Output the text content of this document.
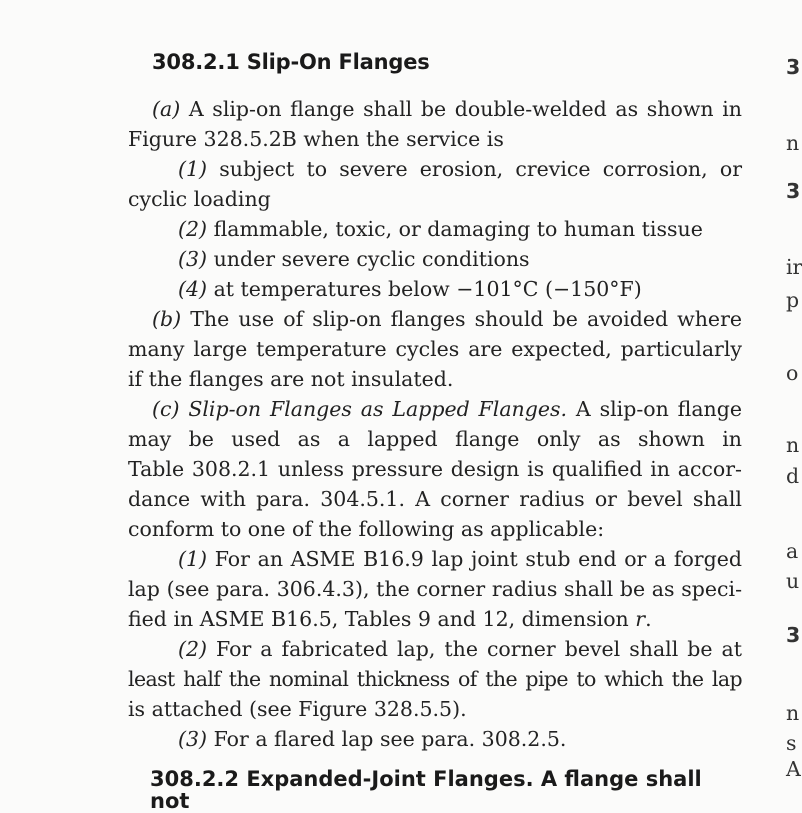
308.2.1 Slip-On Flanges
(a) A slip-on flange shall be double-welded as shown in
Figure 328.5.2B when the service is
(1) subject to severe erosion, crevice corrosion, or
cyclic loading
(2) flammable, toxic, or damaging to human tissue
(3) under severe cyclic conditions
(4) at temperatures below −101°C (−150°F)
(b) The use of slip-on flanges should be avoided where
many large temperature cycles are expected, particularly
if the flanges are not insulated.
(c) Slip-on Flanges as Lapped Flanges. A slip-on flange
may be used as a lapped flange only as shown in
Table 308.2.1 unless pressure design is qualified in accor-
dance with para. 304.5.1. A corner radius or bevel shall
conform to one of the following as applicable:
(1) For an ASME B16.9 lap joint stub end or a forged
lap (see para. 306.4.3), the corner radius shall be as speci-
fied in ASME B16.5, Tables 9 and 12, dimension r.
(2) For a fabricated lap, the corner bevel shall be at
least half the nominal thickness of the pipe to which the lap
is attached (see Figure 328.5.5).
(3) For a flared lap see para. 308.2.5.
3
n
3
ir
p
o
n
d
a
u
3
n
s
A
308.2.2 Expanded-Joint Flanges. A flange shall not
